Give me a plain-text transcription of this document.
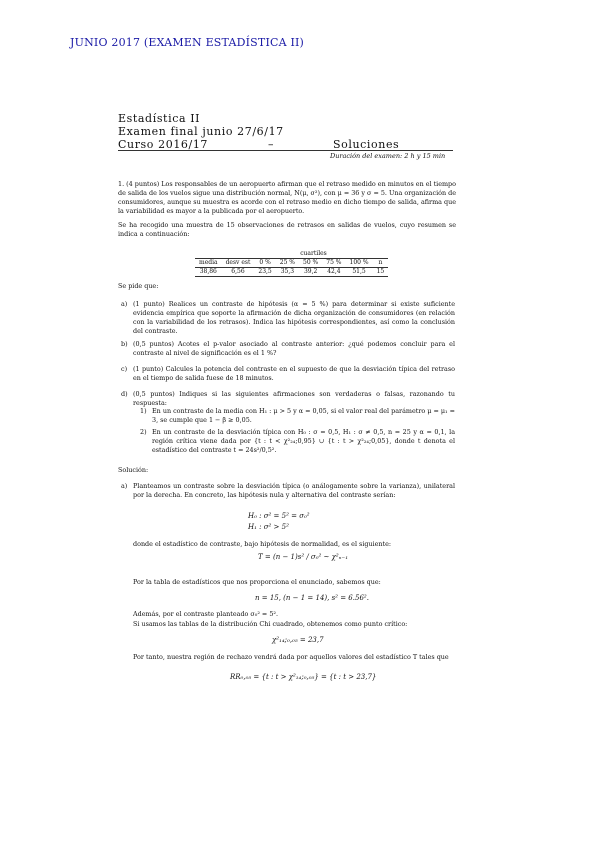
JUNIO 2017 (EXAMEN ESTADÍSTICA II)
Estadística II
Examen final junio 27/6/17
Curso 2016/17	–	Soluciones
Duración del examen: 2 h y 15 min
1. (4 puntos) Los responsables de un aeropuerto afirman que el retraso medido en minutos en el tiempo de salida de los vuelos sigue una distribución normal, N(μ, σ²), con μ = 36 y σ = 5. Una organización de consumidores, aunque su muestra es acorde con el retraso medio en dicho tiempo de salida, afirma que la variabilidad es mayor a la publicada por el aeropuerto.
Se ha recogido una muestra de 15 observaciones de retrasos en salidas de vuelos, cuyo resumen se indica a continuación:
		cuartiles					
media	desv est	0 %	25 %	50 %	75 %	100 %	n
38,86	6,56	23,5	35,3	39,2	42,4	51,5	15
Se pide que:
a) (1 punto) Realices un contraste de hipótesis (α = 5 %) para determinar si existe suficiente evidencia empírica que soporte la afirmación de dicha organización de consumidores (en relación con la variabilidad de los retrasos). Indica las hipótesis correspondientes, así como la conclusión del contraste.
b) (0,5 puntos) Acotes el p-valor asociado al contraste anterior: ¿qué podemos concluir para el contraste al nivel de significación es el 1 %?
c) (1 punto) Calcules la potencia del contraste en el supuesto de que la desviación típica del retraso en el tiempo de salida fuese de 18 minutos.
d) (0,5 puntos) Indiques si las siguientes afirmaciones son verdaderas o falsas, razonando tu respuesta:
1) En un contraste de la media con H₁ : μ > 5 y α = 0,05, si el valor real del parámetro μ = μ₁ = 3, se cumple que 1 − β ≥ 0,05.
2) En un contraste de la desviación típica con H₀ : σ = 0,5, H₁ : σ ≠ 0,5, n = 25 y α = 0,1, la región crítica viene dada por {t : t < χ²₂₄;0,95} ∪ {t : t > χ²₂₄;0,05}, donde t denota el estadístico del contraste t = 24s²/0,5².
Solución:
a) Planteamos un contraste sobre la desviación típica (o análogamente sobre la varianza), unilateral por la derecha. En concreto, las hipótesis nula y alternativa del contraste serían:
H₀ : σ² = 5² = σ₀²
H₁ : σ² > 5²
donde el estadístico de contraste, bajo hipótesis de normalidad, es el siguiente:
T = (n − 1)s² / σ₀² ~ χ²ₙ₋₁
Por la tabla de estadísticos que nos proporciona el enunciado, sabemos que:
n = 15, (n − 1 = 14), s² = 6.56².
Además, por el contraste planteado σ₀² = 5².
Si usamos las tablas de la distribución Chi cuadrado, obtenemos como punto crítico:
χ²₁₄;₀,₀₅ = 23,7
Por tanto, nuestra región de rechazo vendrá dada por aquellos valores del estadístico T tales que
RR₀,₀₅ = {t : t > χ²₁₄;₀,₀₅} = {t : t > 23,7}
